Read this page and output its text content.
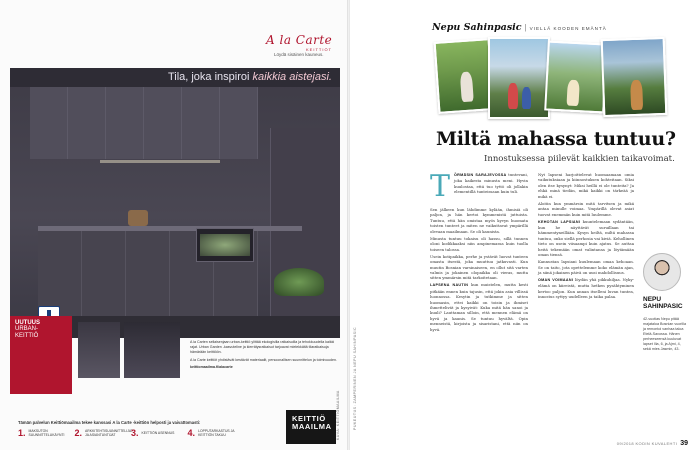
A la Carte
KEITTIÖT
Löydä sisäinen kauneus.
Tila, joka inspiroi kaikkia aistejasi.
UUTUUS
URBAN-
KEITTIÖ

A la Carten sellaisenjaan urban-keittiö ylittää ekologisilla ratkaisuilla ja tehokkuudella kaikki rajat. Urban Garden -kasvuteline ja kierrätysratkaisut tarjoavat mielekkäitä tilaratkaisuja hämärään keittiöön.

A la Carte keittiöt yhdistävät kestävät materiaalit, persoonallisen suunnittelun ja toimivuuden.

keittiomaailma.fi/alacarte

KEITTIÖ
MAAILMA
Tämän palvelun Keittiömaailma tekee kanssasi A la Carte -keittiön helposti ja vaivattomasti:
1. MAKSUTON SUUNNITTELUKÄYNTI 2. ARKKITEHTISUUNNITTELIJAT JA ASIANTUNTIJAT	3. KEITTIÖN ASENNUS	4. LOPPUTARKASTUS JA KEITTIÖN TAKUU	KUVA: KEITTIÖMAAILMA
Nepu Sahinpasic | VIELLÄ KOODEN EMÄNTÄ
Miltä mahassa tuntuu?
Innostuksessa piilevät kaikkien taikavoimat.
T ÖRMÄSIN SARAJEVOSSA tuntevani, joka kaikesta minusta meni. Hyvin kuulostaa, että tuo tyttö oli jollakin elementillä tunteissaan kuin tuli.

Sen jälkeen kun lähdimme kylään, ihmisiä oli paljon, ja hän kertoi kymmenistä juttuista. Tuntuu, että hän omistaa myös kyvyn huomata toisten tunteet ja miten ne vaikuttavat ympärillä olevaan maailmaan. Se oli kaunista.

Minusta tuntuu tokaisu oli hassu, sillä tunnen oloni kodikkaaksi niin ampinemassa kuin tuolla toiseen talossa.

Usein kotipaikka, perhe ja ystävät luovat tunteen omasta itsestä, joka muuttuu jatkuvasti. Kun muutin Bosnian varsinaiseen, en ollut sitä varten valmis ja jokainen olopaikka oli vieras, mutta sitten ymmärsin mitä tarkoitetaan.

LAPSENA NAUTIN kun muistelen, mutta kesti pitkään ennen kuin tajusin, että jokin asia villissä luonnossa. Kesytin ja tutkimme ja sitten huomasin, ettei kaikki on toisin ja ihmiset ihmettelivät ja kysyivät: Kuka mitä hän sanoi ja kuuli? Lauttaman silloin, että mennen elämä on hyvä ja kaunis. Se tuntuu hyvältä. Opin menneistä, kirjoista ja sisaristani, että niin on hyvä.

Nyt lapseni harjoittelevat huomaamaan omia vaikutuksiaan ja kiinnostuksen kohteitaan. Siksi olen itse kysynyt: Miksi heillä ei ole tunteita? Ja ehkä minä tiedän, mikä kaikki on tärkeää ja mikä ei.

Aloitin kun ymmärsin mitä tarvitsen ja mikä antaa minulle voimaa. Ympärillä olevat asiat tuovat enemmän kuin mitä luulemme.

KEHOTAN LAPSIANI kuuntelemaan sydäntään, kun he näyttävät suruillaan tai hämmentyneillään. Kysyn heiltä, miltä mahassa tuntuu, onko siellä perhosia vai kiviä. Kehollinen tieto on usein viisaampi kuin ajatus. Se auttaa heitä tekemään omat valintansa ja löytämään oman tiensä.

Kannustan lapsiani kuulemaan omaa kehoaan. Se on taito, jota opettelemme koko elämän ajan, ja siinä jokainen päivä on uusi mahdollisuus.

OMAN VOIMAANI löydän yhä pikkuhiljaa. Nyky-elämä on kiireistä, mutta hetken pysähtyminen kertoo paljon. Kun annan itselleni luvan tuntea, innostus syttyy uudelleen ja taika palaa.	NEPU
SAHINPASIC
42-vuotias Nepu pitää majataloa Bosnian vuorilla ja remontoi vanhaa taloa Etelä-Savossa. Hänen perheeseensä kuuluvat lapset Ilia, 6, ja Ajmi, 4, sekä mies Jasmin, 43.
PUKEUTUS: ZAMPERINEN JA NEPU SAHINPASIC
09/2018 KODIN KUVALEHTI 39
